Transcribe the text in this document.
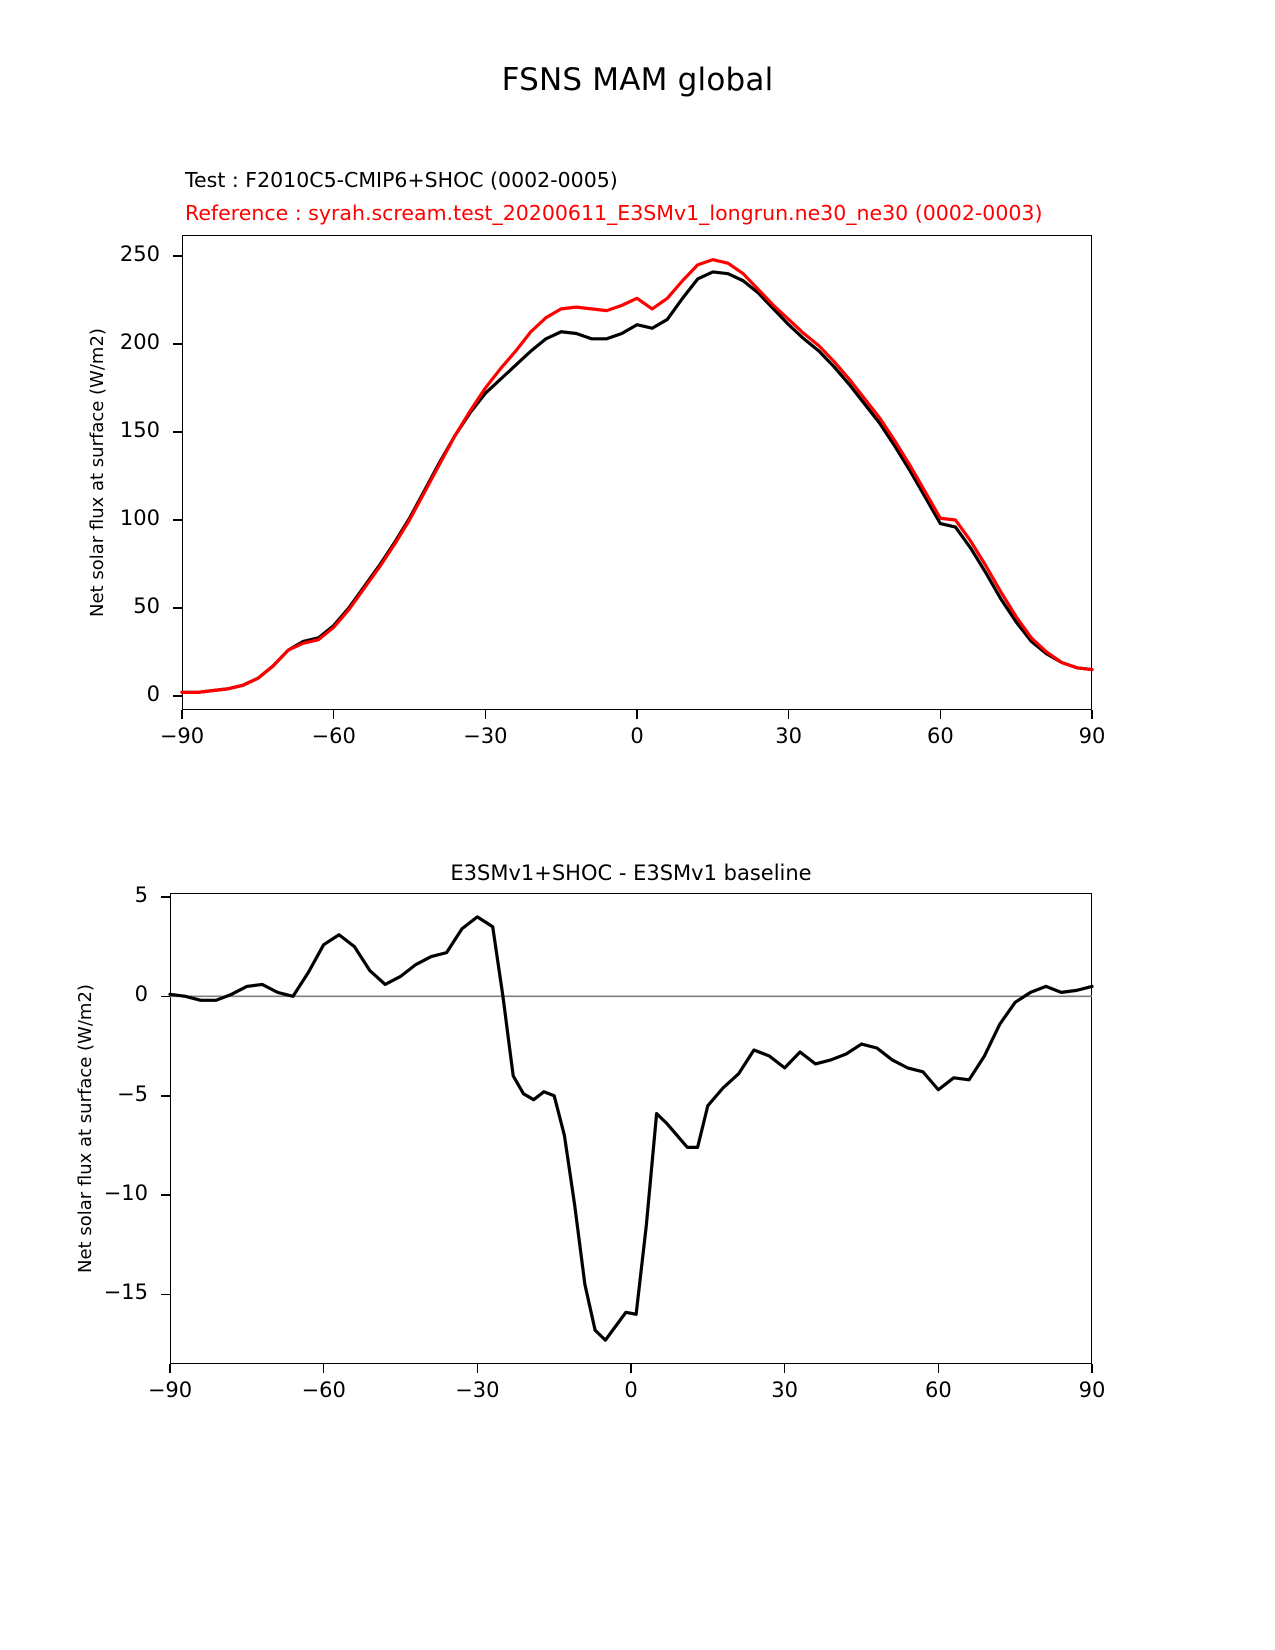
FSNS MAM global
Test : F2010C5-CMIP6+SHOC (0002-0005)
Reference : syrah.scream.test_20200611_E3SMv1_longrun.ne30_ne30 (0002-0003)
0
50
100
150
200
250
−90	−60	−30	0	30	60	90
Net solar flux at surface (W/m2)
−15
−10
−5
0
5
−90	−60	−30	0	30	60	90
Net solar flux at surface (W/m2)
E3SMv1+SHOC - E3SMv1 baseline
